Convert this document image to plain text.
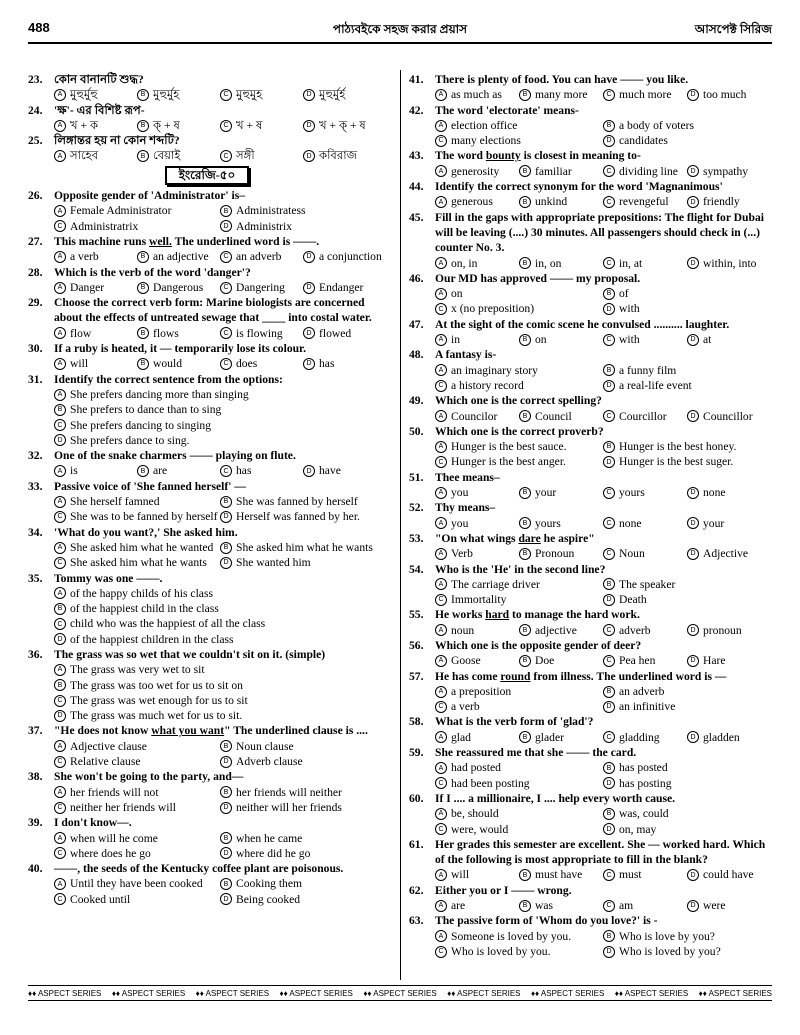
488	পাঠ্যবইকে সহজ করার প্রয়াস	আসপেক্ট সিরিজ
23. কোন বানানটি শুদ্ধ?
A মুহুর্মুহু	B মুহুর্মুহ	C মুহুমুহ	D মুহুর্মুর্হ
24. 'ক্ষ'- এর বিশিষ্ট রূপ-
A খ + ক	B ক্ + ষ	C খ + ষ	D খ + ক্ + ষ
25. লিঙ্গান্তর হয় না কোন শব্দটি?
A সাহেব	B বেয়াই	C সঙ্গী	D কবিরাজ
ইংরেজি-৫০
26. Opposite gender of 'Administrator' is–
A Female Administrator	B Administratess
C Administratrix	D Administrix
27. This machine runs well. The underlined word is ——.
A a verb	B an adjective	C an adverb	D a conjunction
28. Which is the verb of the word 'danger'?
A Danger	B Dangerous	C Dangering	D Endanger
29. Choose the correct verb form: Marine biologists are concerned about the effects of untreated sewage that ____ into costal water.
A flow	B flows	C is flowing	D flowed
30. If a ruby is heated, it — temporarily lose its colour.
A will	B would	C does	D has
31. Identify the correct sentence from the options:
A She prefers dancing more than singing
B She prefers to dance than to sing
C She prefers dancing to singing
D She prefers dance to sing.
32. One of the snake charmers —— playing on flute.
A is	B are	C has	D have
33. Passive voice of 'She fanned herself' —
A She herself famned	B She was fanned by herself
C She was to be fanned by herself D Herself was fanned by her.
34. 'What do you want?,' She asked him.
A She asked him what he wanted	B She asked him what he wants
C She asked him what he wants	D She wanted him
35. Tommy was one ——.
A of the happy childs of his class
B of the happiest child in the class
C child who was the happiest of all the class
D of the happiest children in the class
36. The grass was so wet that we couldn't sit on it. (simple)
A The grass was very wet to sit
B The grass was too wet for us to sit on
C The grass was wet enough for us to sit
D The grass was much wet for us to sit.
37. "He does not know what you want" The underlined clause is ....
A Adjective clause	B Noun clause
C Relative clause	D Adverb clause
38. She won't be going to the party, and—
A her friends will not	B her friends will neither
C neither her friends will	D neither will her friends
39. I don't know—.
A when will he come	B when he came
C where does he go	D where did he go
40. ——, the seeds of the Kentucky coffee plant are poisonous.
A Until they have been cooked	B Cooking them
C Cooked until	D Being cooked
41. There is plenty of food. You can have —— you like.
A as much as	B many more	C much more	D too much
42. The word 'electorate' means-
A election office	B a body of voters
C many elections	D candidates
43. The word bounty is closest in meaning to-
A generosity	B familiar	C dividing line	D sympathy
44. Identify the correct synonym for the word 'Magnanimous'
A generous	B unkind	C revengeful	D friendly
45. Fill in the gaps with appropriate prepositions: The flight for Dubai will be leaving (....) 30 minutes. All passengers should check in (...) counter No. 3.
A on, in	B in, on	C in, at	D within, into
46. Our MD has approved —— my proposal.
A on	B of
C x (no preposition)	D with
47. At the sight of the comic scene he convulsed .......... laughter.
A in	B on	C with	D at
48. A fantasy is-
A an imaginary story	B a funny film
C a history record	D a real-life event
49. Which one is the correct spelling?
A Councilor	B Council	C Courcillor	D Councillor
50. Which one is the correct proverb?
A Hunger is the best sauce.	B Hunger is the best honey.
C Hunger is the best anger.	D Hunger is the best suger.
51. Thee means–
A you	B your	C yours	D none
52. Thy means–
A you	B yours	C none	D your
53. "On what wings dare he aspire"
A Verb	B Pronoun	C Noun	D Adjective
54. Who is the 'He' in the second line?
A The carriage driver	B The speaker
C Immortality	D Death
55. He works hard to manage the hard work.
A noun	B adjective	C adverb	D pronoun
56. Which one is the opposite gender of deer?
A Goose	B Doe	C Pea hen	D Hare
57. He has come round from illness. The underlined word is —
A a preposition	B an adverb
C a verb	D an infinitive
58. What is the verb form of 'glad'?
A glad	B glader	C gladding	D gladden
59. She reassured me that she —— the card.
A had posted	B has posted
C had been posting	D has posting
60. If I .... a millionaire, I .... help every worth cause.
A be, should	B was, could
C were, would	D on, may
61. Her grades this semester are excellent. She — worked hard. Which of the following is most appropriate to fill in the blank?
A will	B must have	C must	D could have
62. Either you or I —— wrong.
A are	B was	C am	D were
63. The passive form of 'Whom do you love?' is -
A Someone is loved by you.	B Who is love by you?
C Who is loved by you.	D Who is loved by you?
♦♦ ASPECT SERIES ♦♦ ASPECT SERIES ♦♦ ASPECT SERIES ♦♦ ASPECT SERIES ♦♦ ASPECT SERIES ♦♦ ASPECT SERIES ♦♦ ASPECT SERIES ♦♦ ASPECT SERIES ♦♦ ASPECT SERIES
